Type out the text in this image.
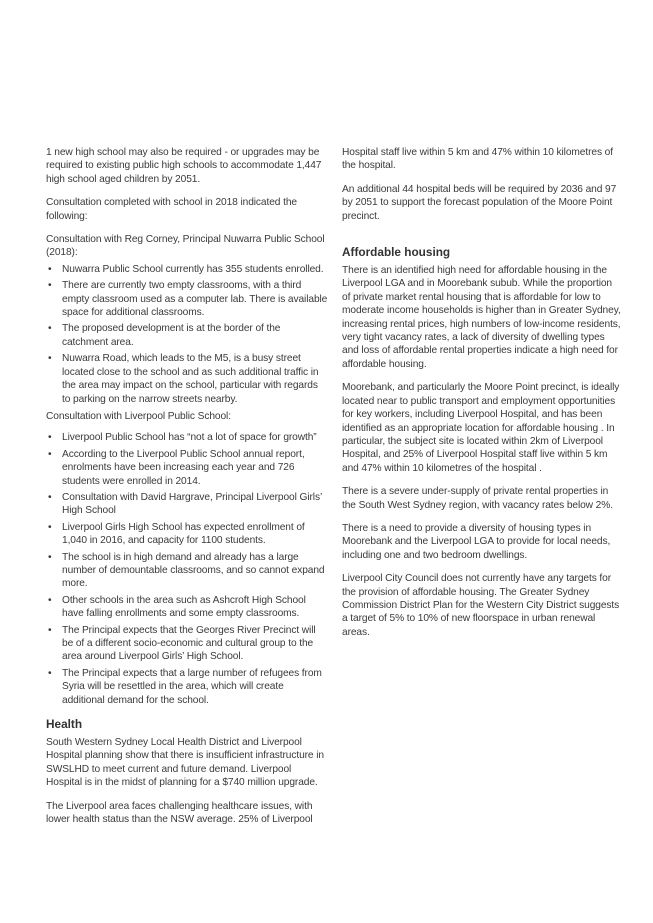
1 new high school may also be required - or upgrades may be required to existing public high schools to accommodate 1,447 high school aged children by 2051.

Consultation completed with school in 2018 indicated the following:

Consultation with Reg Corney, Principal Nuwarra Public School (2018):

• Nuwarra Public School currently has 355 students enrolled.
• There are currently two empty classrooms, with a third empty classroom used as a computer lab. There is available space for additional classrooms.
• The proposed development is at the border of the catchment area.
• Nuwarra Road, which leads to the M5, is a busy street located close to the school and as such additional traffic in the area may impact on the school, particular with regards to parking on the narrow streets nearby.

Consultation with Liverpool Public School:

• Liverpool Public School has “not a lot of space for growth”
• According to the Liverpool Public School annual report, enrolments have been increasing each year and 726 students were enrolled in 2014.
• Consultation with David Hargrave, Principal Liverpool Girls’ High School
• Liverpool Girls High School has expected enrollment of 1,040 in 2016, and capacity for 1100 students.
• The school is in high demand and already has a large number of demountable classrooms, and so cannot expand more.
• Other schools in the area such as Ashcroft High School have falling enrollments and some empty classrooms.
• The Principal expects that the Georges River Precinct will be of a different socio-economic and cultural group to the area around Liverpool Girls’ High School.
• The Principal expects that a large number of refugees from Syria will be resettled in the area, which will create additional demand for the school.
Health

South Western Sydney Local Health District and Liverpool Hospital planning show that there is insufficient infrastructure in SWSLHD to meet current and future demand. Liverpool Hospital is in the midst of planning for a $740 million upgrade.

The Liverpool area faces challenging healthcare issues, with lower health status than the NSW average. 25% of Liverpool

Hospital staff live within 5 km and 47% within 10 kilometres of the hospital.

An additional 44 hospital beds will be required by 2036 and 97 by 2051 to support the forecast population of the Moore Point precinct.

Affordable housing

There is an identified high need for affordable housing in the Liverpool LGA and in Moorebank subub. While the proportion of private market rental housing that is affordable for low to moderate income households is higher than in Greater Sydney, increasing rental prices, high numbers of low-income residents, very tight vacancy rates, a lack of diversity of dwelling types and loss of affordable rental properties indicate a high need for affordable housing.

Moorebank, and particularly the Moore Point precinct, is ideally located near to public transport and employment opportunities for key workers, including Liverpool Hospital, and has been identified as an appropriate location for affordable housing . In particular, the subject site is located within 2km of Liverpool Hospital, and 25% of Liverpool Hospital staff live within 5 km and 47% within 10 kilometres of the hospital .

There is a severe under-supply of private rental properties in the South West Sydney region, with vacancy rates below 2%.

There is a need to provide a diversity of housing types in Moorebank and the Liverpool LGA to provide for local needs, including one and two bedroom dwellings.

Liverpool City Council does not currently have any targets for the provision of affordable housing. The Greater Sydney Commission District Plan for the Western City District suggests a target of 5% to 10% of new floorspace in urban renewal areas.
